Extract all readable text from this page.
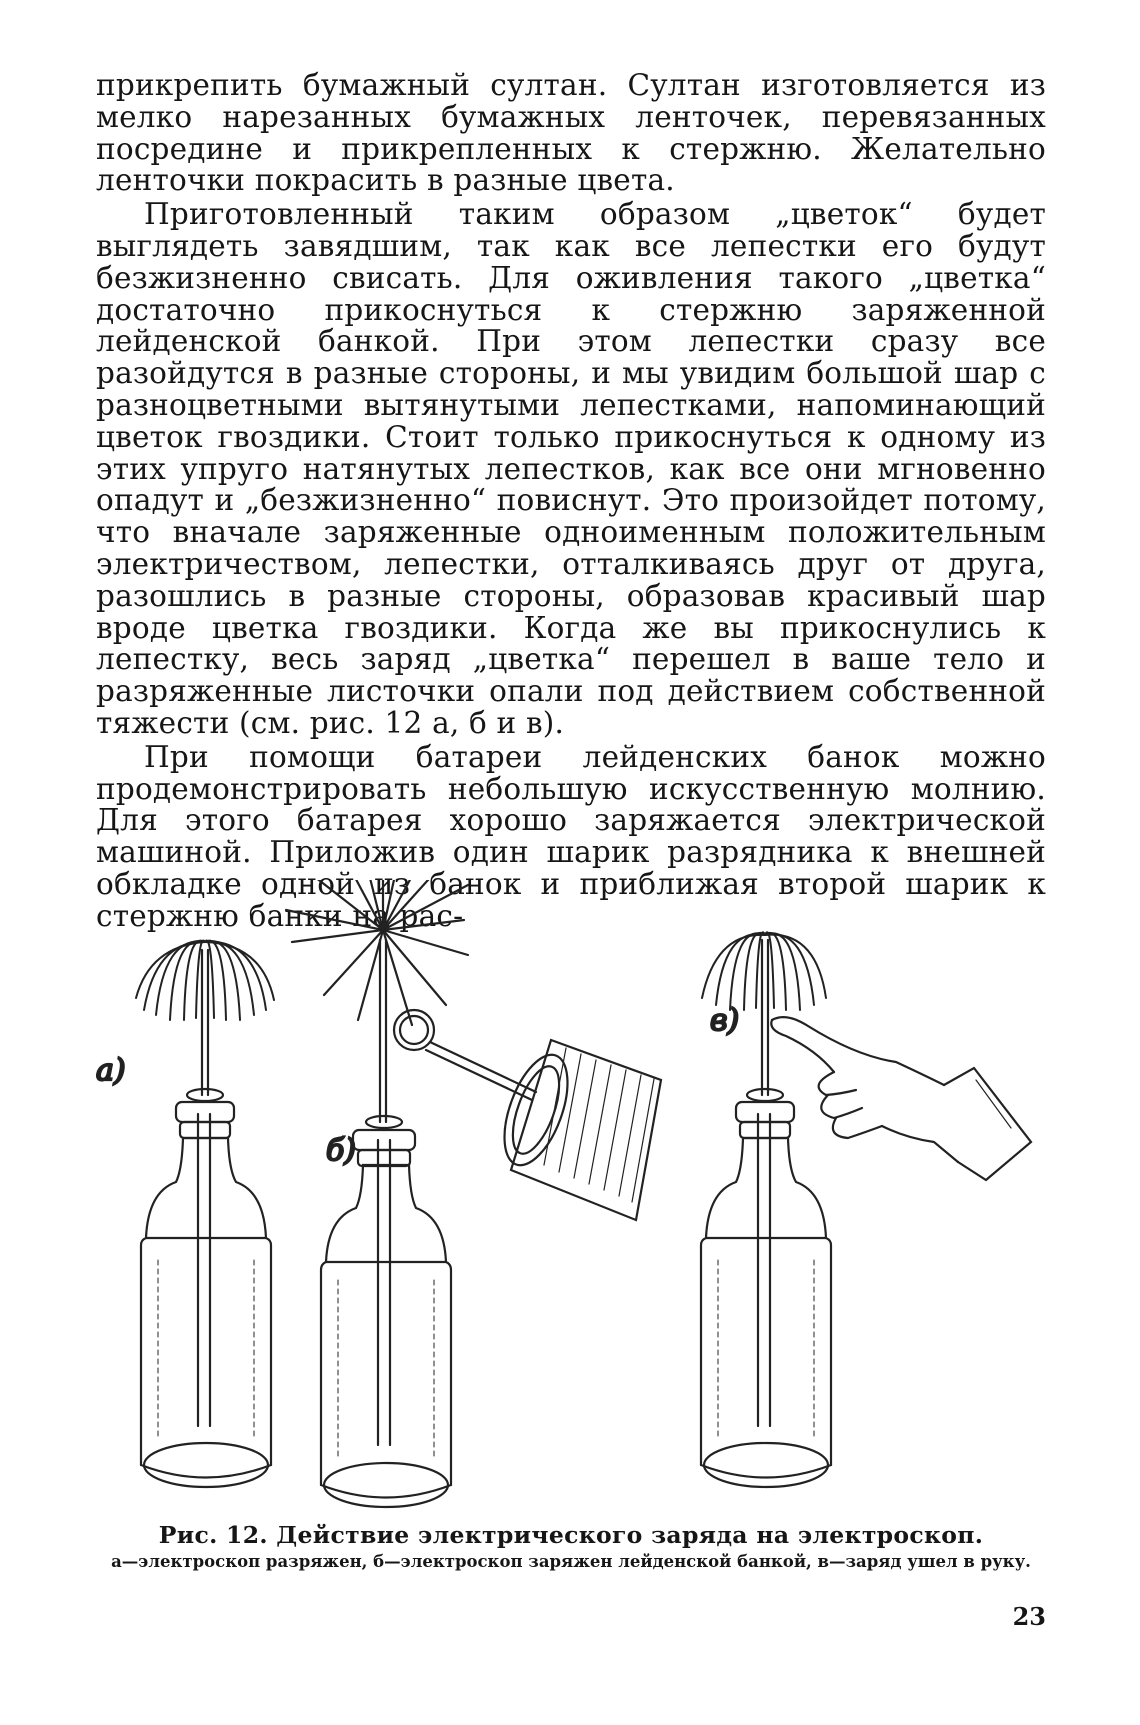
прикрепить бумажный султан. Султан изготовляется из мелко нарезанных бумажных ленточек, перевязанных посредине и прикрепленных к стержню. Желательно ленточки покрасить в разные цвета.

Приготовленный таким образом „цветок“ будет выглядеть завядшим, так как все лепестки его будут безжизненно свисать. Для оживления такого „цветка“ достаточно прикоснуться к стержню заряженной лейденской банкой. При этом лепестки сразу все разойдутся в разные стороны, и мы увидим большой шар с разноцветными вытянутыми лепестками, напоминающий цветок гвоздики. Стоит только прикоснуться к одному из этих упруго натянутых лепестков, как все они мгновенно опадут и „безжизненно“ повиснут. Это произойдет потому, что вначале заряженные одноименным положительным электричеством, лепестки, отталкиваясь друг от друга, разошлись в разные стороны, образовав красивый шар вроде цветка гвоздики. Когда же вы прикоснулись к лепестку, весь заряд „цветка“ перешел в ваше тело и разряженные листочки опали под действием собственной тяжести (см. рис. 12 а, б и в).

При помощи батареи лейденских банок можно продемонстрировать небольшую искусственную молнию. Для этого батарея хорошо заряжается электрической машиной. Приложив один шарик разрядника к внешней обкладке одной из банок и приближая второй шарик к стержню банки на рас-

а)
б)
в)
Рис. 12. Действие электрического заряда на электроскоп.
а—электроскоп разряжен, б—электроскоп заряжен лейденской банкой, в—заряд ушел в руку.
23
